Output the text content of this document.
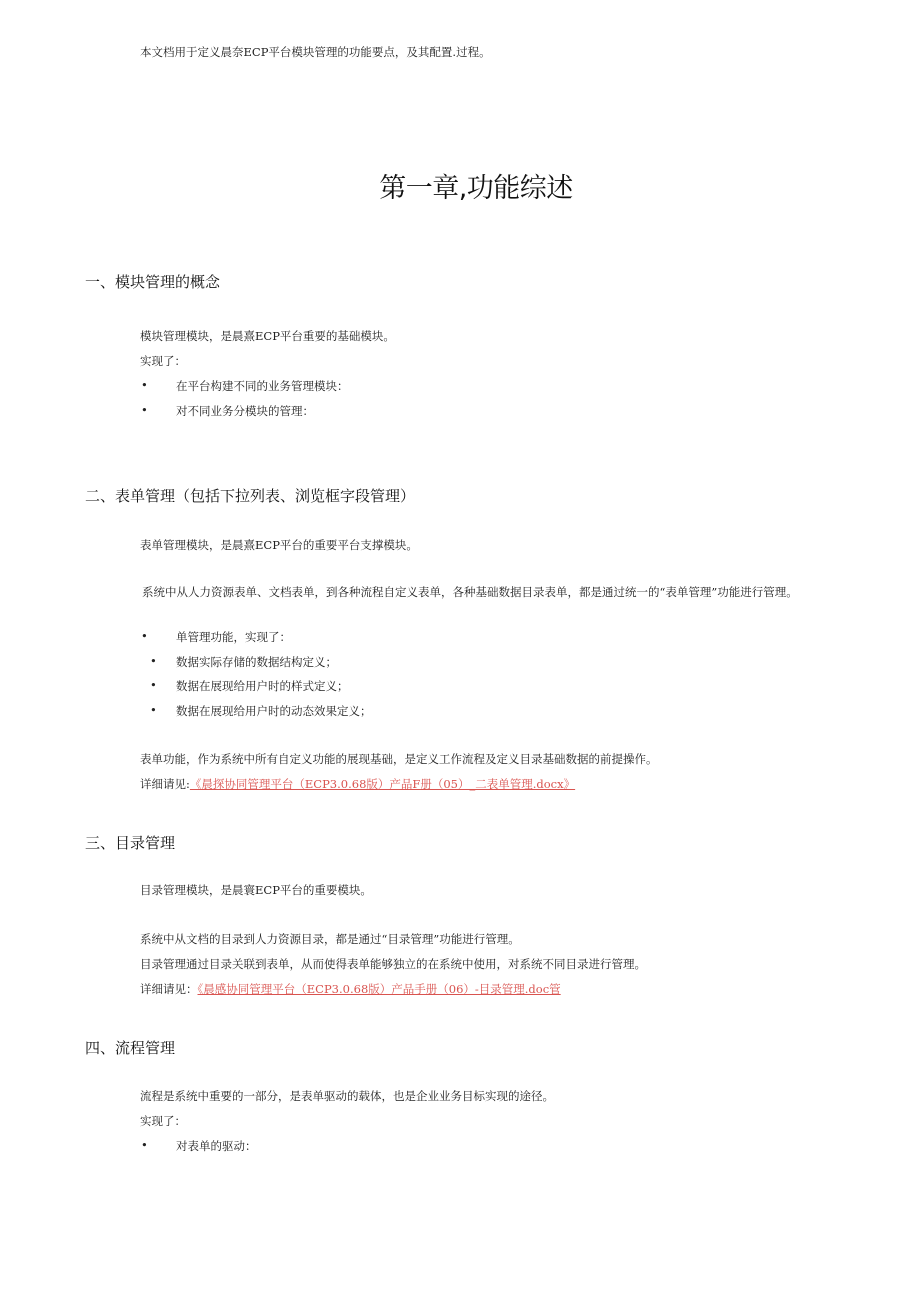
本文档用于定义晨奈ECP平台模块管理的功能要点，及其配置.过程。
第一章,功能综述
一、模块管理的概念
模块管理模块，是晨熹ECP平台重要的基础模块。
实现了：
• 在平台构建不同的业务管理模块：
• 对不同业务分模块的管理：
二、表单管理（包括下拉列表、浏览框字段管理）
表单管理模块，是晨熹ECP平台的重要平台支撑模块。
系统中从人力资源表单、文档表单，到各种流程自定义表单，各种基础数据目录表单，都是通过统一的“表单管理”功能进行管理。
• 单管理功能，实现了：
• 数据实际存储的数据结构定义；
• 数据在展现给用户时的样式定义；
• 数据在展现给用户时的动态效果定义；
表单功能，作为系统中所有自定义功能的展现基础，是定义工作流程及定义目录基础数据的前提操作。
详细请见:《晨探协同管理平台（ECP3.0.68版）产品F册（05）_二表单管理.docx》
三、目录管理
目录管理模块，是晨寰ECP平台的重要模块。
系统中从文档的目录到人力资源目录，都是通过“目录管理”功能进行管理。
目录管理通过目录关联到表单，从而使得表单能够独立的在系统中使用，对系统不同目录进行管理。
详细请见：《晨感协同管理平台（ECP3.0.68版）产品手册（06）-目录管理.doc管
四、流程管理
流程是系统中重要的一部分，是表单驱动的载体，也是企业业务目标实现的途径。
实现了：
• 对表单的驱动：
